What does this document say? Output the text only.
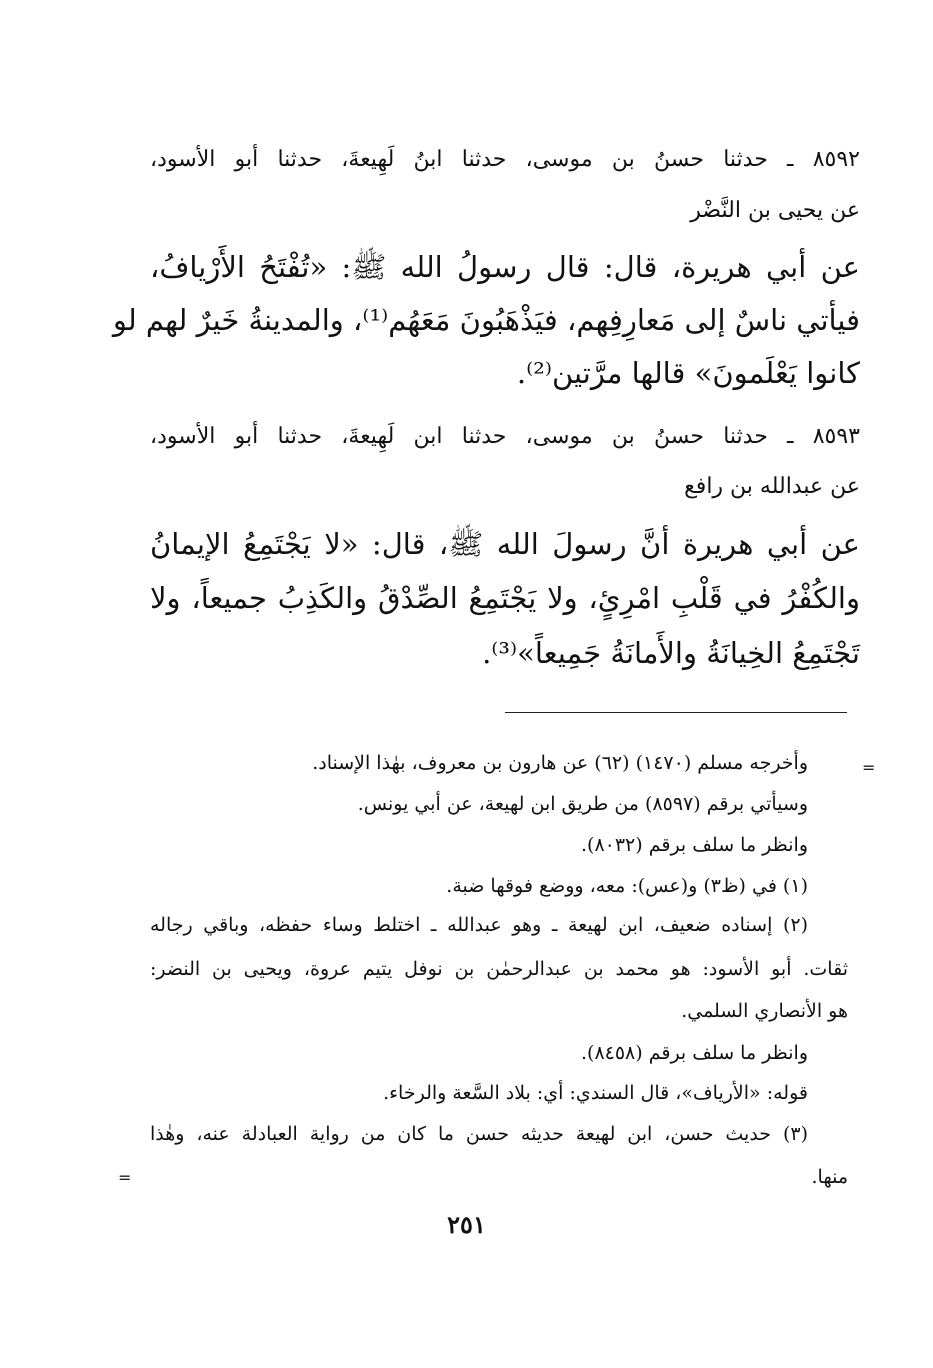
٨٥٩٢ ـ حدثنا حسنُ بن موسى، حدثنا ابنُ لَهِيعةَ، حدثنا أبو الأسود،
عن يحيى بن النَّضْر
عن أبي هريرة، قال: قال رسولُ الله ﷺ: «تُفْتَحُ الأَرْيافُ،
فيأتي ناسٌ إلى مَعارِفِهم، فيَذْهَبُونَ مَعَهُم⁽¹⁾، والمدينةُ خَيرٌ لهم لو
كانوا يَعْلَمونَ» قالها مرَّتين⁽²⁾.
٨٥٩٣ ـ حدثنا حسنُ بن موسى، حدثنا ابن لَهِيعةَ، حدثنا أبو الأسود،
عن عبدالله بن رافع
عن أبي هريرة أنَّ رسولَ الله ﷺ، قال: «لا يَجْتَمِعُ الإيمانُ
والكُفْرُ في قَلْبِ امْرِئٍ، ولا يَجْتَمِعُ الصِّدْقُ والكَذِبُ جميعاً، ولا
تَجْتَمِعُ الخِيانَةُ والأَمانَةُ جَمِيعاً»⁽³⁾.
وأخرجه مسلم (١٤٧٠) (٦٢) عن هارون بن معروف، بهٰذا الإسناد.
وسيأتي برقم (٨٥٩٧) من طريق ابن لهيعة، عن أبي يونس.
وانظر ما سلف برقم (٨٠٣٢).
(١) في (ظ٣) و(عس): معه، ووضع فوقها ضبة.
(٢) إسناده ضعيف، ابن لهيعة ـ وهو عبدالله ـ اختلط وساء حفظه، وباقي رجاله
ثقات. أبو الأسود: هو محمد بن عبدالرحمٰن بن نوفل يتيم عروة، ويحيى بن النضر:
هو الأنصاري السلمي.
وانظر ما سلف برقم (٨٤٥٨).
قوله: «الأرياف»، قال السندي: أي: بلاد السَّعة والرخاء.
(٣) حديث حسن، ابن لهيعة حديثه حسن ما كان من رواية العبادلة عنه، وهٰذا
منها.
=
=
٢٥١
